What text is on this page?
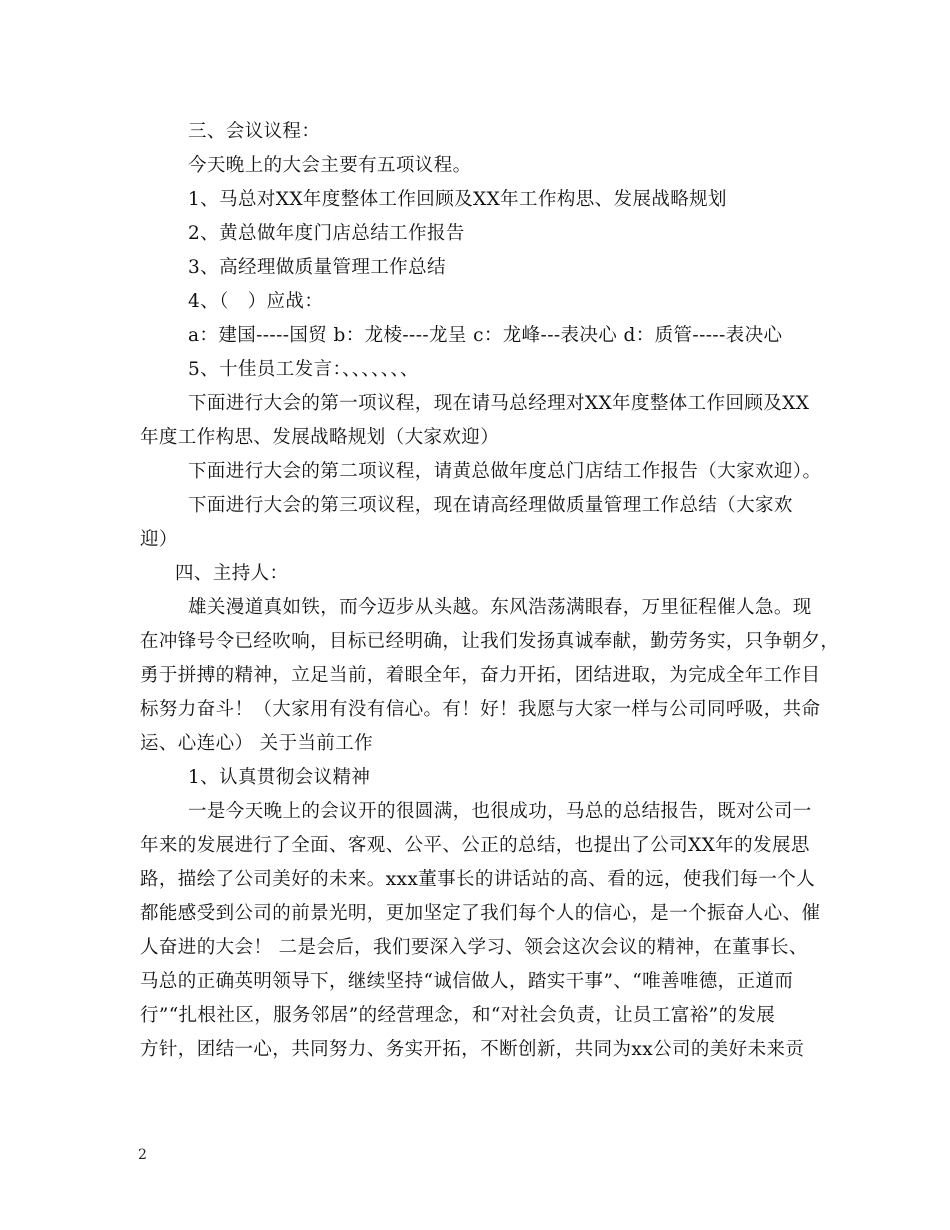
三、会议议程：
今天晚上的大会主要有五项议程。
1、马总对XX年度整体工作回顾及XX年工作构思、发展战略规划
2、黄总做年度门店总结工作报告
3、高经理做质量管理工作总结
4、（　）应战：
a：建国-----国贸 b：龙棱----龙呈 c：龙峰---表决心 d：质管-----表决心
5、十佳员工发言：、、、、、、、
下面进行大会的第一项议程，现在请马总经理对XX年度整体工作回顾及XX
年度工作构思、发展战略规划（大家欢迎）
下面进行大会的第二项议程，请黄总做年度总门店结工作报告（大家欢迎）。
下面进行大会的第三项议程，现在请高经理做质量管理工作总结（大家欢
迎）
四、主持人：
雄关漫道真如铁，而今迈步从头越。东风浩荡满眼春，万里征程催人急。现
在冲锋号令已经吹响，目标已经明确，让我们发扬真诚奉献，勤劳务实，只争朝夕，
勇于拼搏的精神，立足当前，着眼全年，奋力开拓，团结进取，为完成全年工作目
标努力奋斗！（大家用有没有信心。有！好！我愿与大家一样与公司同呼吸，共命
运、心连心） 关于当前工作
1、认真贯彻会议精神
一是今天晚上的会议开的很圆满，也很成功，马总的总结报告，既对公司一
年来的发展进行了全面、客观、公平、公正的总结，也提出了公司XX年的发展思
路，描绘了公司美好的未来。xxx董事长的讲话站的高、看的远，使我们每一个人
都能感受到公司的前景光明，更加坚定了我们每个人的信心，是一个振奋人心、催
人奋进的大会！ 二是会后，我们要深入学习、领会这次会议的精神，在董事长、
马总的正确英明领导下，继续坚持“诚信做人，踏实干事”、“唯善唯德，正道而
行”“扎根社区，服务邻居”的经营理念，和“对社会负责，让员工富裕”的发展
方针，团结一心，共同努力、务实开拓，不断创新，共同为xx公司的美好未来贡
2
